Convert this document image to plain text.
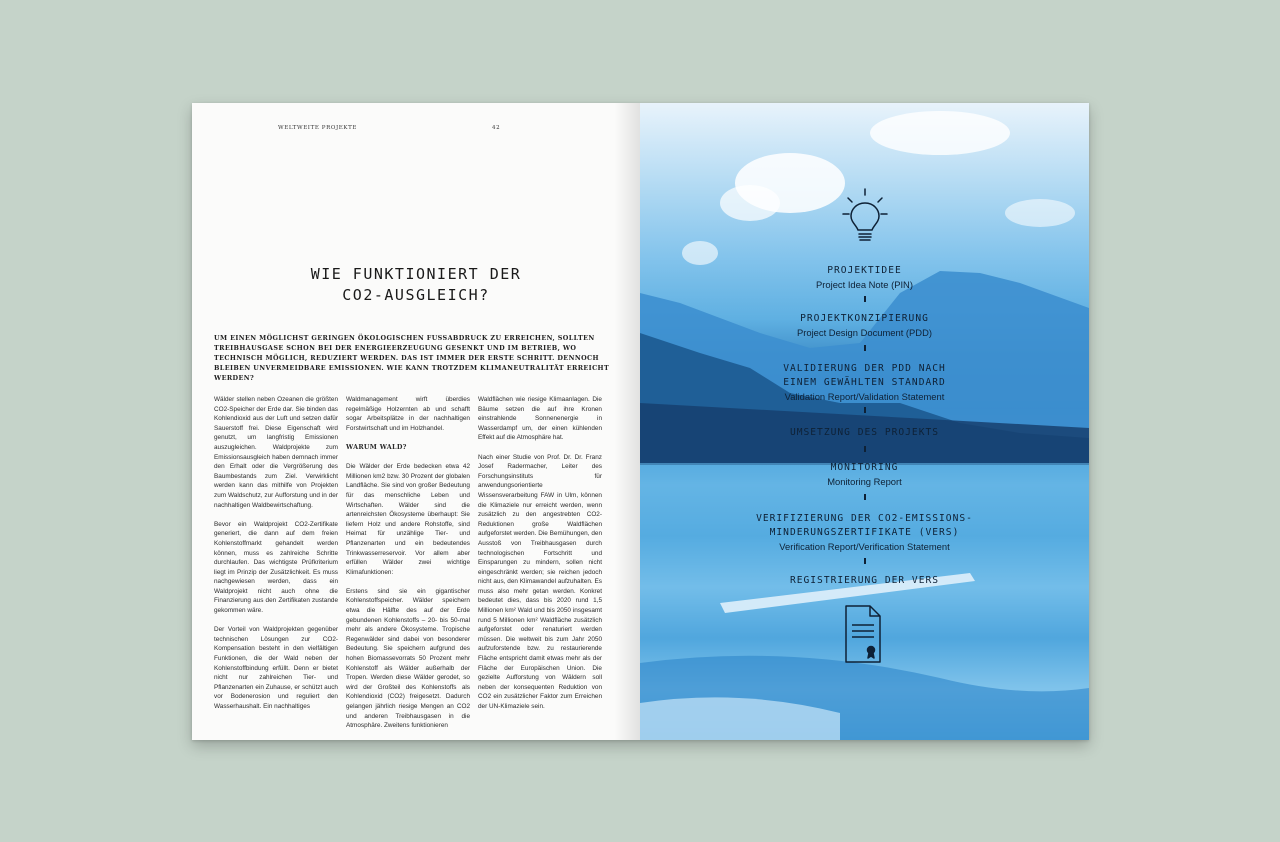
WELTWEITE PROJEKTE	42
WIE FUNKTIONIERT DER
CO2-AUSGLEICH?
UM EINEN MÖGLICHST GERINGEN ÖKOLOGISCHEN FUSSABDRUCK ZU ERREICHEN, SOLLTEN TREIBHAUSGASE SCHON BEI DER ENERGIEERZEUGUNG GESENKT UND IM BETRIEB, WO TECHNISCH MÖGLICH, REDUZIERT WERDEN. DAS IST IMMER DER ERSTE SCHRITT. DENNOCH BLEIBEN UNVERMEIDBARE EMISSIONEN. WIE KANN TROTZDEM KLIMANEUTRALITÄT ERREICHT WERDEN?

Wälder stellen neben Ozeanen die größten CO2-Speicher der Erde dar. Sie binden das Kohlendioxid aus der Luft und setzen dafür Sauerstoff frei. Diese Eigenschaft wird genutzt, um langfristig Emissionen auszugleichen. Waldprojekte zum Emissionsausgleich haben demnach immer den Erhalt oder die Vergrößerung des Baumbestands zum Ziel. Verwirklicht werden kann das mithilfe von Projekten zum Waldschutz, zur Aufforstung und in der nachhaltigen Waldbewirtschaftung.

Bevor ein Waldprojekt CO2-Zertifikate generiert, die dann auf dem freien Kohlenstoffmarkt gehandelt werden können, muss es zahlreiche Schritte durchlaufen. Das wichtigste Prüfkriterium liegt im Prinzip der Zusätzlichkeit. Es muss nachgewiesen werden, dass ein Waldprojekt nicht auch ohne die Finanzierung aus den Zertifikaten zustande gekommen wäre.

Der Vorteil von Waldprojekten gegenüber technischen Lösungen zur CO2-Kompensation besteht in den vielfältigen Funktionen, die der Wald neben der Kohlenstoffbindung erfüllt. Denn er bietet nicht nur zahlreichen Tier- und Pflanzenarten ein Zuhause, er schützt auch vor Bodenerosion und reguliert den Wasserhaushalt. Ein nachhaltiges

Waldmanagement wirft überdies regelmäßige Holzernten ab und schafft sogar Arbeitsplätze in der nachhaltigen Forstwirtschaft und im Holzhandel.

WARUM WALD?

Die Wälder der Erde bedecken etwa 42 Millionen km2 bzw. 30 Prozent der globalen Landfläche. Sie sind von großer Bedeutung für das menschliche Leben und Wirtschaften. Wälder sind die artenreichsten Ökosysteme überhaupt: Sie liefern Holz und andere Rohstoffe, sind Heimat für unzählige Tier- und Pflanzenarten und ein bedeutendes Trinkwasserreservoir. Vor allem aber erfüllen Wälder zwei wichtige Klimafunktionen:

Erstens sind sie ein gigantischer Kohlenstoffspeicher. Wälder speichern etwa die Hälfte des auf der Erde gebundenen Kohlenstoffs – 20- bis 50-mal mehr als andere Ökosysteme. Tropische Regenwälder sind dabei von besonderer Bedeutung. Sie speichern aufgrund des hohen Biomassevorrats 50 Prozent mehr Kohlenstoff als Wälder außerhalb der Tropen. Werden diese Wälder gerodet, so wird der Großteil des Kohlenstoffs als Kohlendioxid (CO2) freigesetzt. Dadurch gelangen jährlich riesige Mengen an CO2 und anderen Treibhausgasen in die Atmosphäre. Zweitens funktionieren

Waldflächen wie riesige Klimaanlagen. Die Bäume setzen die auf ihre Kronen einstrahlende Sonnenenergie in Wasserdampf um, der einen kühlenden Effekt auf die Atmosphäre hat.

Nach einer Studie von Prof. Dr. Dr. Franz Josef Radermacher, Leiter des Forschungsinstituts für anwendungsorientierte Wissensverarbeitung FAW in Ulm, können die Klimaziele nur erreicht werden, wenn zusätzlich zu den angestrebten CO2-Reduktionen große Waldflächen aufgeforstet werden. Die Bemühungen, den Ausstoß von Treibhausgasen durch technologischen Fortschritt und Einsparungen zu mindern, sollen nicht eingeschränkt werden; sie reichen jedoch nicht aus, den Klimawandel aufzuhalten. Es muss also mehr getan werden. Konkret bedeutet dies, dass bis 2020 rund 1,5 Millionen km² Wald und bis 2050 insgesamt rund 5 Millionen km² Waldfläche zusätzlich aufgeforstet oder renaturiert werden müssen. Die weltweit bis zum Jahr 2050 aufzuforstende bzw. zu restaurierende Fläche entspricht damit etwas mehr als der Fläche der Europäischen Union. Die gezielte Aufforstung von Wäldern soll neben der konsequenten Reduktion von CO2 ein zusätzlicher Faktor zum Erreichen der UN-Klimaziele sein.

PROJEKTIDEE
Project Idea Note (PIN)
PROJEKTKONZIPIERUNG
Project Design Document (PDD)
VALIDIERUNG DER PDD NACH
EINEM GEWÄHLTEN STANDARD
Validation Report/Validation Statement
UMSETZUNG DES PROJEKTS
MONITORING
Monitoring Report
VERIFIZIERUNG DER CO2-EMISSIONS-
MINDERUNGSZERTIFIKATE (VERS)
Verification Report/Verification Statement
REGISTRIERUNG DER VERS
